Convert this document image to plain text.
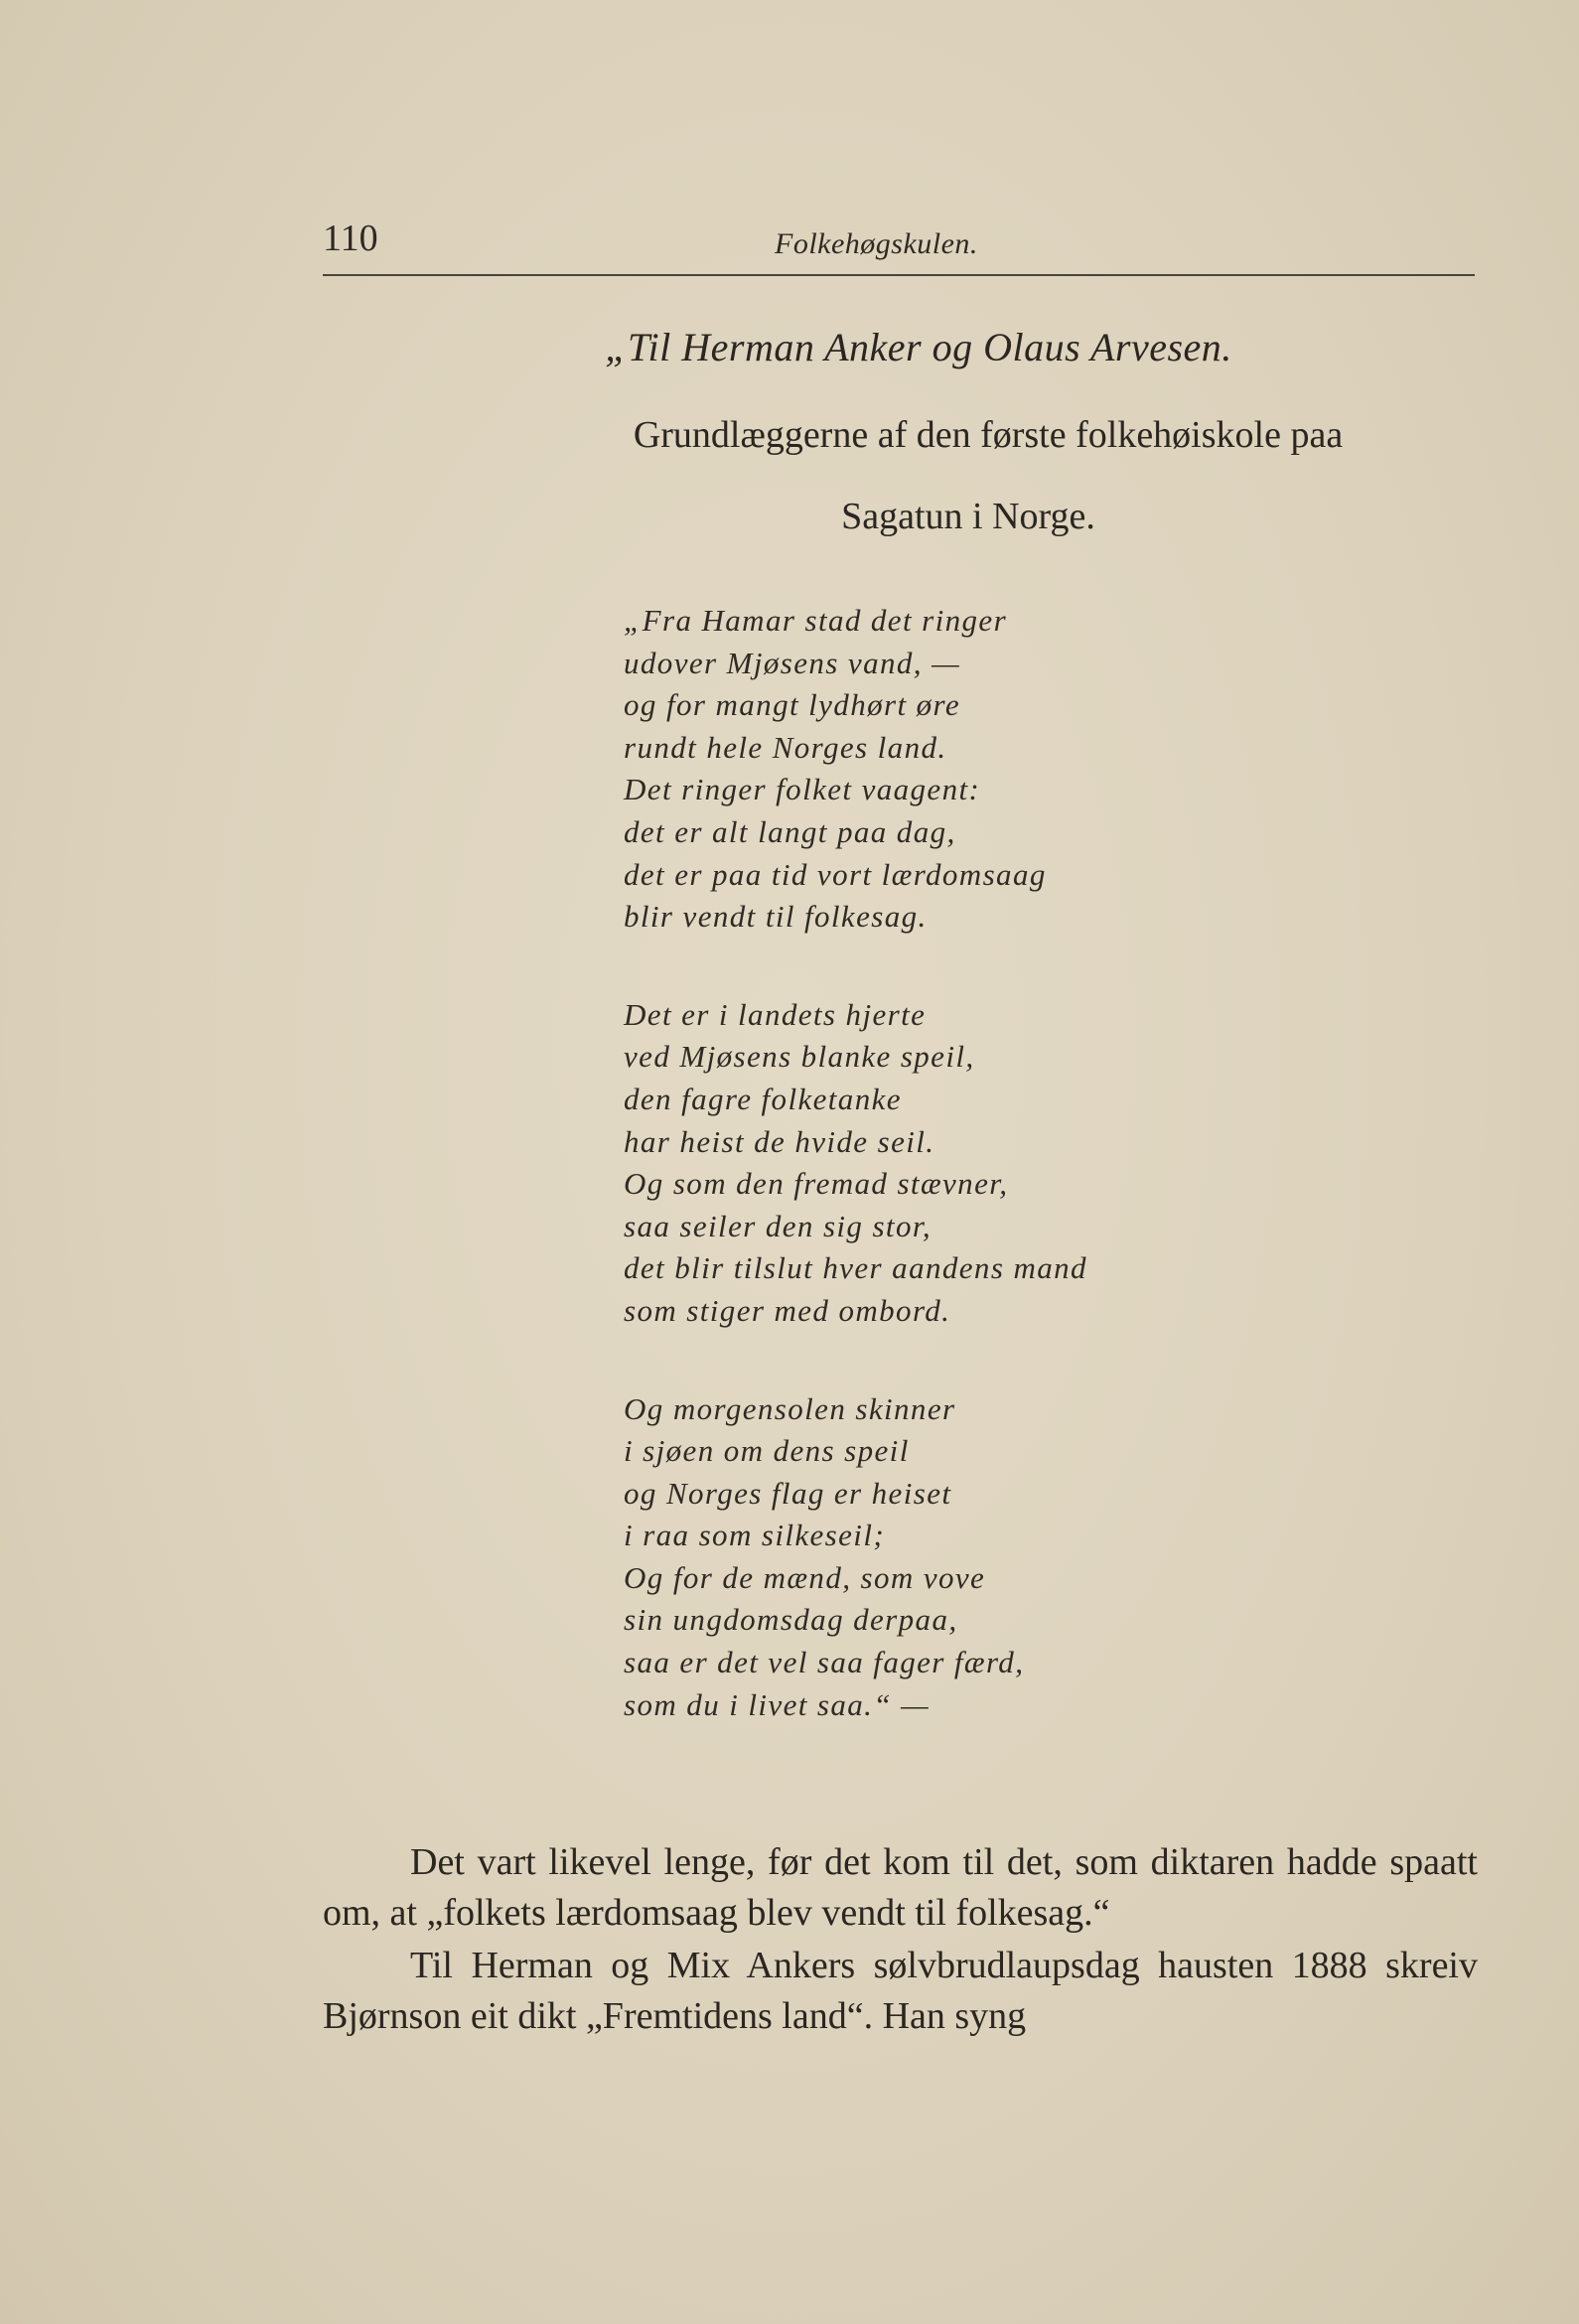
110	Folkehøgskulen.
„Til Herman Anker og Olaus Arvesen.
Grundlæggerne af den første folkehøiskole paa
Sagatun i Norge.
„Fra Hamar stad det ringer
udover Mjøsens vand, —
og for mangt lydhørt øre
rundt hele Norges land.
Det ringer folket vaagent:
det er alt langt paa dag,
det er paa tid vort lærdomsaag
blir vendt til folkesag.
Det er i landets hjerte
ved Mjøsens blanke speil,
den fagre folketanke
har heist de hvide seil.
Og som den fremad stævner,
saa seiler den sig stor,
det blir tilslut hver aandens mand
som stiger med ombord.
Og morgensolen skinner
i sjøen om dens speil
og Norges flag er heiset
i raa som silkeseil;
Og for de mænd, som vove
sin ungdomsdag derpaa,
saa er det vel saa fager færd,
som du i livet saa.“ —

Det vart likevel lenge, før det kom til det, som diktaren hadde spaatt om, at „folkets lærdomsaag blev vendt til folkesag.“

Til Herman og Mix Ankers sølvbrudlaupsdag hausten 1888 skreiv Bjørnson eit dikt „Fremtidens land“. Han syng
